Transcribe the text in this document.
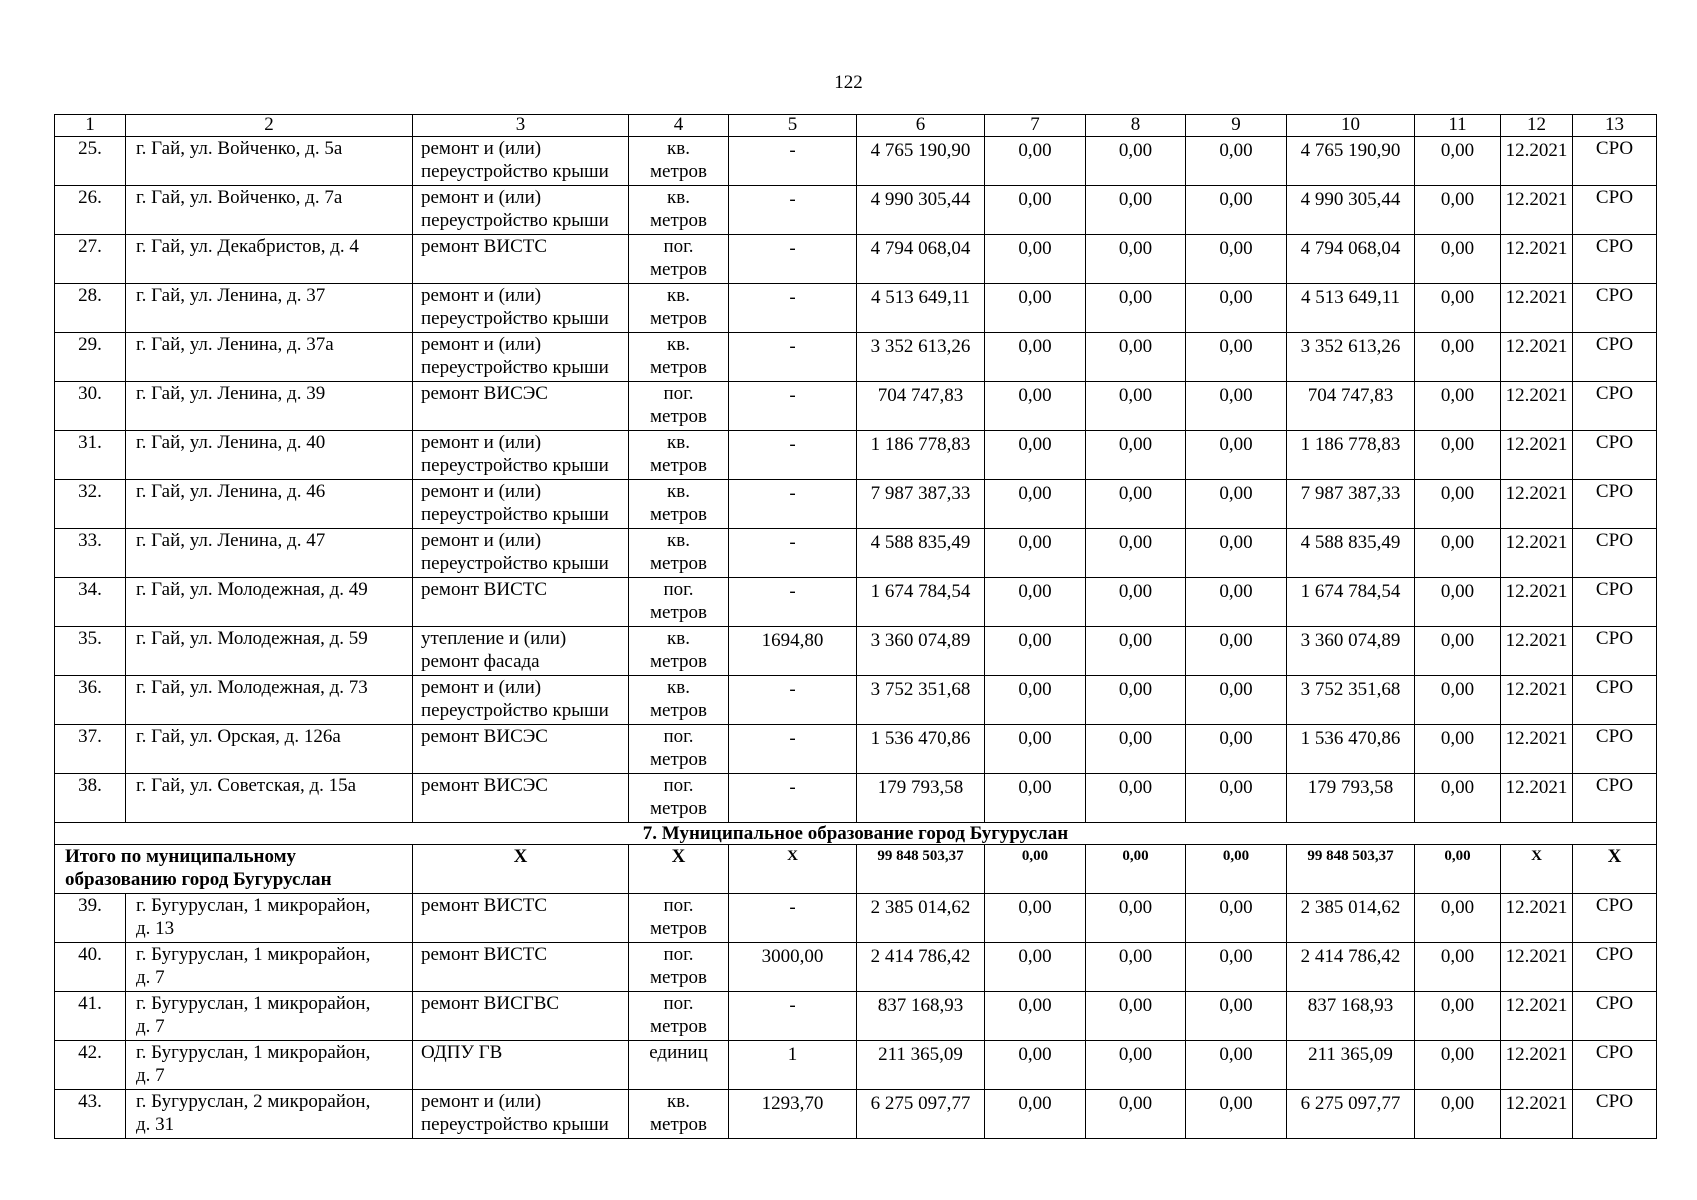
122
1	2	3	4	5	6	7	8	9	10	11	12	13
25.	г. Гай, ул. Войченко, д. 5а	ремонт и (или)
переустройство крыши	кв.
метров	-	4 765 190,90	0,00	0,00	0,00	4 765 190,90	0,00	12.2021	СРО
26.	г. Гай, ул. Войченко, д. 7а	ремонт и (или)
переустройство крыши	кв.
метров	-	4 990 305,44	0,00	0,00	0,00	4 990 305,44	0,00	12.2021	СРО
27.	г. Гай, ул. Декабристов, д. 4	ремонт ВИСТС	пог.
метров	-	4 794 068,04	0,00	0,00	0,00	4 794 068,04	0,00	12.2021	СРО
28.	г. Гай, ул. Ленина, д. 37	ремонт и (или)
переустройство крыши	кв.
метров	-	4 513 649,11	0,00	0,00	0,00	4 513 649,11	0,00	12.2021	СРО
29.	г. Гай, ул. Ленина, д. 37а	ремонт и (или)
переустройство крыши	кв.
метров	-	3 352 613,26	0,00	0,00	0,00	3 352 613,26	0,00	12.2021	СРО
30.	г. Гай, ул. Ленина, д. 39	ремонт ВИСЭС	пог.
метров	-	704 747,83	0,00	0,00	0,00	704 747,83	0,00	12.2021	СРО
31.	г. Гай, ул. Ленина, д. 40	ремонт и (или)
переустройство крыши	кв.
метров	-	1 186 778,83	0,00	0,00	0,00	1 186 778,83	0,00	12.2021	СРО
32.	г. Гай, ул. Ленина, д. 46	ремонт и (или)
переустройство крыши	кв.
метров	-	7 987 387,33	0,00	0,00	0,00	7 987 387,33	0,00	12.2021	СРО
33.	г. Гай, ул. Ленина, д. 47	ремонт и (или)
переустройство крыши	кв.
метров	-	4 588 835,49	0,00	0,00	0,00	4 588 835,49	0,00	12.2021	СРО
34.	г. Гай, ул. Молодежная, д. 49	ремонт ВИСТС	пог.
метров	-	1 674 784,54	0,00	0,00	0,00	1 674 784,54	0,00	12.2021	СРО
35.	г. Гай, ул. Молодежная, д. 59	утепление и (или)
ремонт фасада	кв.
метров	1694,80	3 360 074,89	0,00	0,00	0,00	3 360 074,89	0,00	12.2021	СРО
36.	г. Гай, ул. Молодежная, д. 73	ремонт и (или)
переустройство крыши	кв.
метров	-	3 752 351,68	0,00	0,00	0,00	3 752 351,68	0,00	12.2021	СРО
37.	г. Гай, ул. Орская, д. 126а	ремонт ВИСЭС	пог.
метров	-	1 536 470,86	0,00	0,00	0,00	1 536 470,86	0,00	12.2021	СРО
38.	г. Гай, ул. Советская, д. 15а	ремонт ВИСЭС	пог.
метров	-	179 793,58	0,00	0,00	0,00	179 793,58	0,00	12.2021	СРО
7. Муниципальное образование город Бугуруслан												

Итого по муниципальному
образованию город Бугуруслан		X	X	X	99 848 503,37	0,00	0,00	0,00	99 848 503,37	0,00	X	X
39.	г. Бугуруслан, 1 микрорайон,
д. 13	ремонт ВИСТС	пог.
метров	-	2 385 014,62	0,00	0,00	0,00	2 385 014,62	0,00	12.2021	СРО
40.	г. Бугуруслан, 1 микрорайон,
д. 7	ремонт ВИСТС	пог.
метров	3000,00	2 414 786,42	0,00	0,00	0,00	2 414 786,42	0,00	12.2021	СРО
41.	г. Бугуруслан, 1 микрорайон,
д. 7	ремонт ВИСГВС	пог.
метров	-	837 168,93	0,00	0,00	0,00	837 168,93	0,00	12.2021	СРО
42.	г. Бугуруслан, 1 микрорайон,
д. 7	ОДПУ ГВ	единиц	1	211 365,09	0,00	0,00	0,00	211 365,09	0,00	12.2021	СРО
43.	г. Бугуруслан, 2 микрорайон,
д. 31	ремонт и (или)
переустройство крыши	кв.
метров	1293,70	6 275 097,77	0,00	0,00	0,00	6 275 097,77	0,00	12.2021	СРО
